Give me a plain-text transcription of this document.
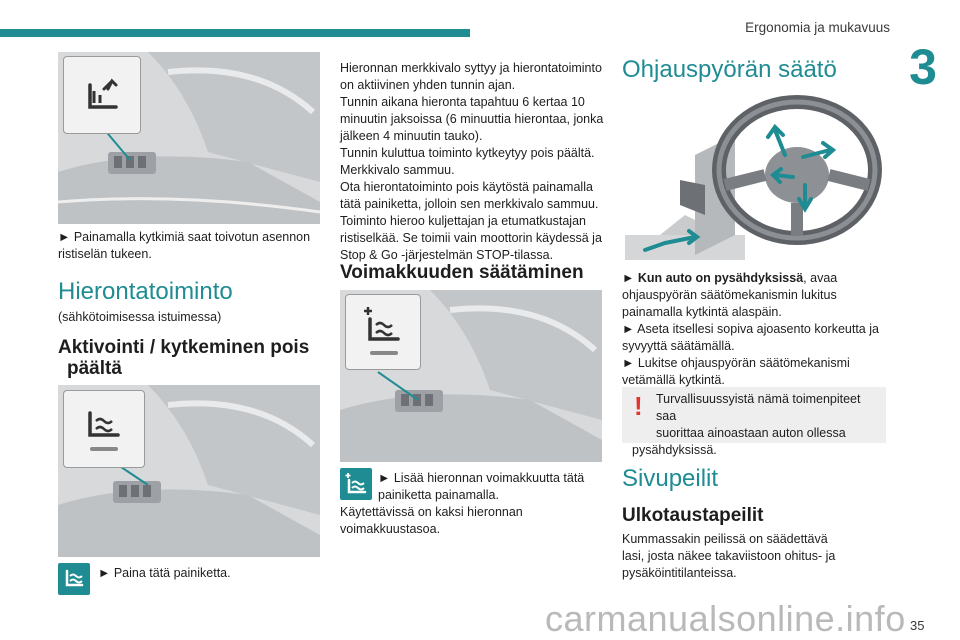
Ergonomia ja mukavuus
3
► Painamalla kytkimiä saat toivotun asennon ristiselän tukeen.
Hierontatoiminto
(sähkötoimisessa istuimessa)
Aktivointi / kytkeminen pois
päältä
► Paina tätä painiketta.

Hieronnan merkkivalo syttyy ja hierontatoiminto

on aktiivinen yhden tunnin ajan.

Tunnin aikana hieronta tapahtuu 6 kertaa 10

minuutin jaksoissa (6 minuuttia hierontaa, jonka

jälkeen 4 minuutin tauko).

Tunnin kuluttua toiminto kytkeytyy pois päältä.

Merkkivalo sammuu.

Ota hierontatoiminto pois käytöstä painamalla

tätä painiketta, jolloin sen merkkivalo sammuu.

Toiminto hieroo kuljettajan ja etumatkustajan

ristiselkää. Se toimii vain moottorin käydessä ja

Stop & Go -järjestelmän STOP-tilassa.

Voimakkuuden säätäminen

► Lisää hieronnan voimakkuutta tätä

painiketta painamalla.

Käytettävissä on kaksi hieronnan

voimakkuustasoa.

Ohjauspyörän säätö

► Kun auto on pysähdyksissä, avaa

ohjauspyörän säätömekanismin lukitus

painamalla kytkintä alaspäin.

► Aseta itsellesi sopiva ajoasento korkeutta ja

syvyyttä säätämällä.

► Lukitse ohjauspyörän säätömekanismi

vetämällä kytkintä.

!	Turvallisuussyistä nämä toimenpiteet saa

suorittaa ainoastaan auton ollessa

pysähdyksissä.

Sivupeilit
Ulkotaustapeilit

Kummassakin peilissä on säädettävä

lasi, josta näkee takaviistoon ohitus- ja

pysäköintitilanteissa.

carmanualsonline.info 35
